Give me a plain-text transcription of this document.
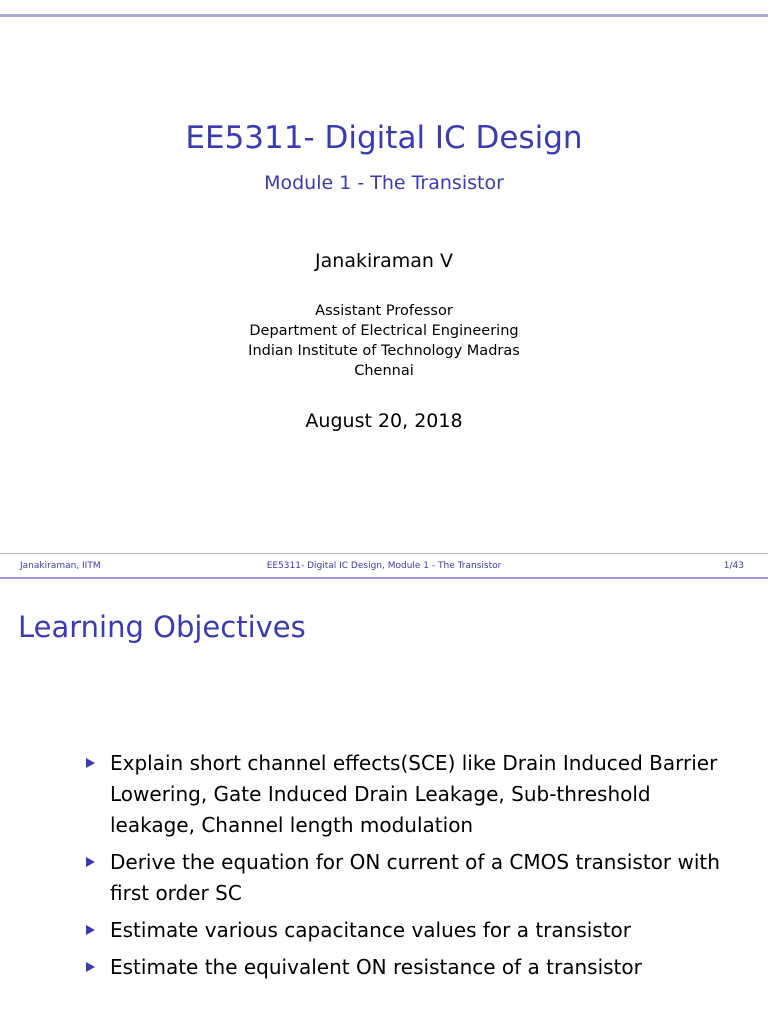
EE5311- Digital IC Design
Module 1 - The Transistor
Janakiraman V
Assistant Professor
Department of Electrical Engineering
Indian Institute of Technology Madras
Chennai
August 20, 2018
Janakiraman, IITM	EE5311- Digital IC Design, Module 1 - The Transistor	1/43
Learning Objectives
Explain short channel effects(SCE) like Drain Induced Barrier Lowering, Gate Induced Drain Leakage, Sub-threshold leakage, Channel length modulation
Derive the equation for ON current of a CMOS transistor with first order SC
Estimate various capacitance values for a transistor
Estimate the equivalent ON resistance of a transistor
